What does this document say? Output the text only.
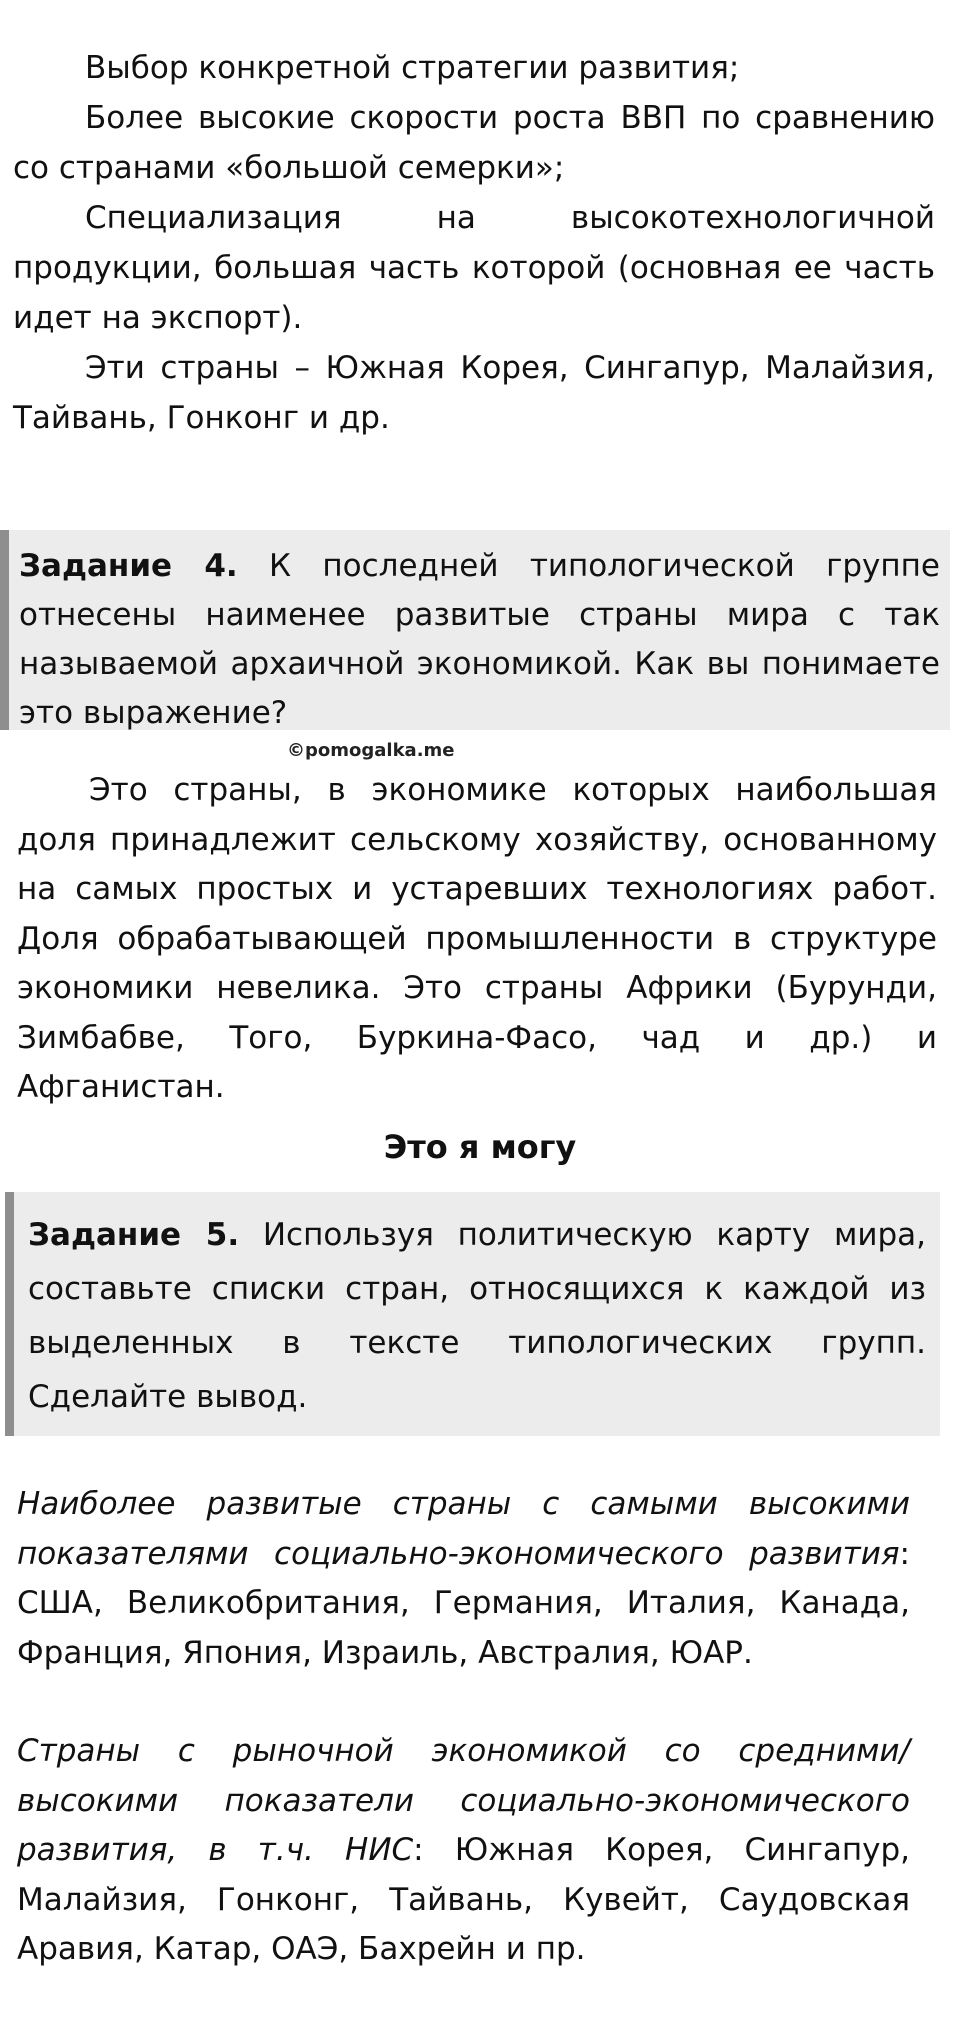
Выбор конкретной стратегии развития;

Более высокие скорости роста ВВП по сравнению со странами «большой семерки»;

Специализация на высокотехнологичной продукции, большая часть которой (основная ее часть идет на экспорт).

Эти страны – Южная Корея, Сингапур, Малайзия, Тайвань, Гонконг и др.

Задание 4. К последней типологической группе отнесены наименее развитые страны мира с так называемой архаичной экономикой. Как вы понимаете это выражение?

©pomogalka.me

Это страны, в экономике которых наибольшая доля принадлежит сельскому хозяйству, основанному на самых простых и устаревших технологиях работ. Доля обрабатывающей промышленности в структуре экономики невелика. Это страны Африки (Бурунди, Зимбабве, Того, Буркина-Фасо, чад и др.) и Афганистан.

Это я могу

Задание 5. Используя политическую карту мира, составьте списки стран, относящихся к каждой из выделенных в тексте типологических групп. Сделайте вывод.

Наиболее развитые страны с самыми высокими показателями социально-экономического развития: США, Великобритания, Германия, Италия, Канада, Франция, Япония, Израиль, Австралия, ЮАР.

Страны с рыночной экономикой со средними/высокими показатели социально-экономического развития, в т.ч. НИС: Южная Корея, Сингапур, Малайзия, Гонконг, Тайвань, Кувейт, Саудовская Аравия, Катар, ОАЭ, Бахрейн и пр.
